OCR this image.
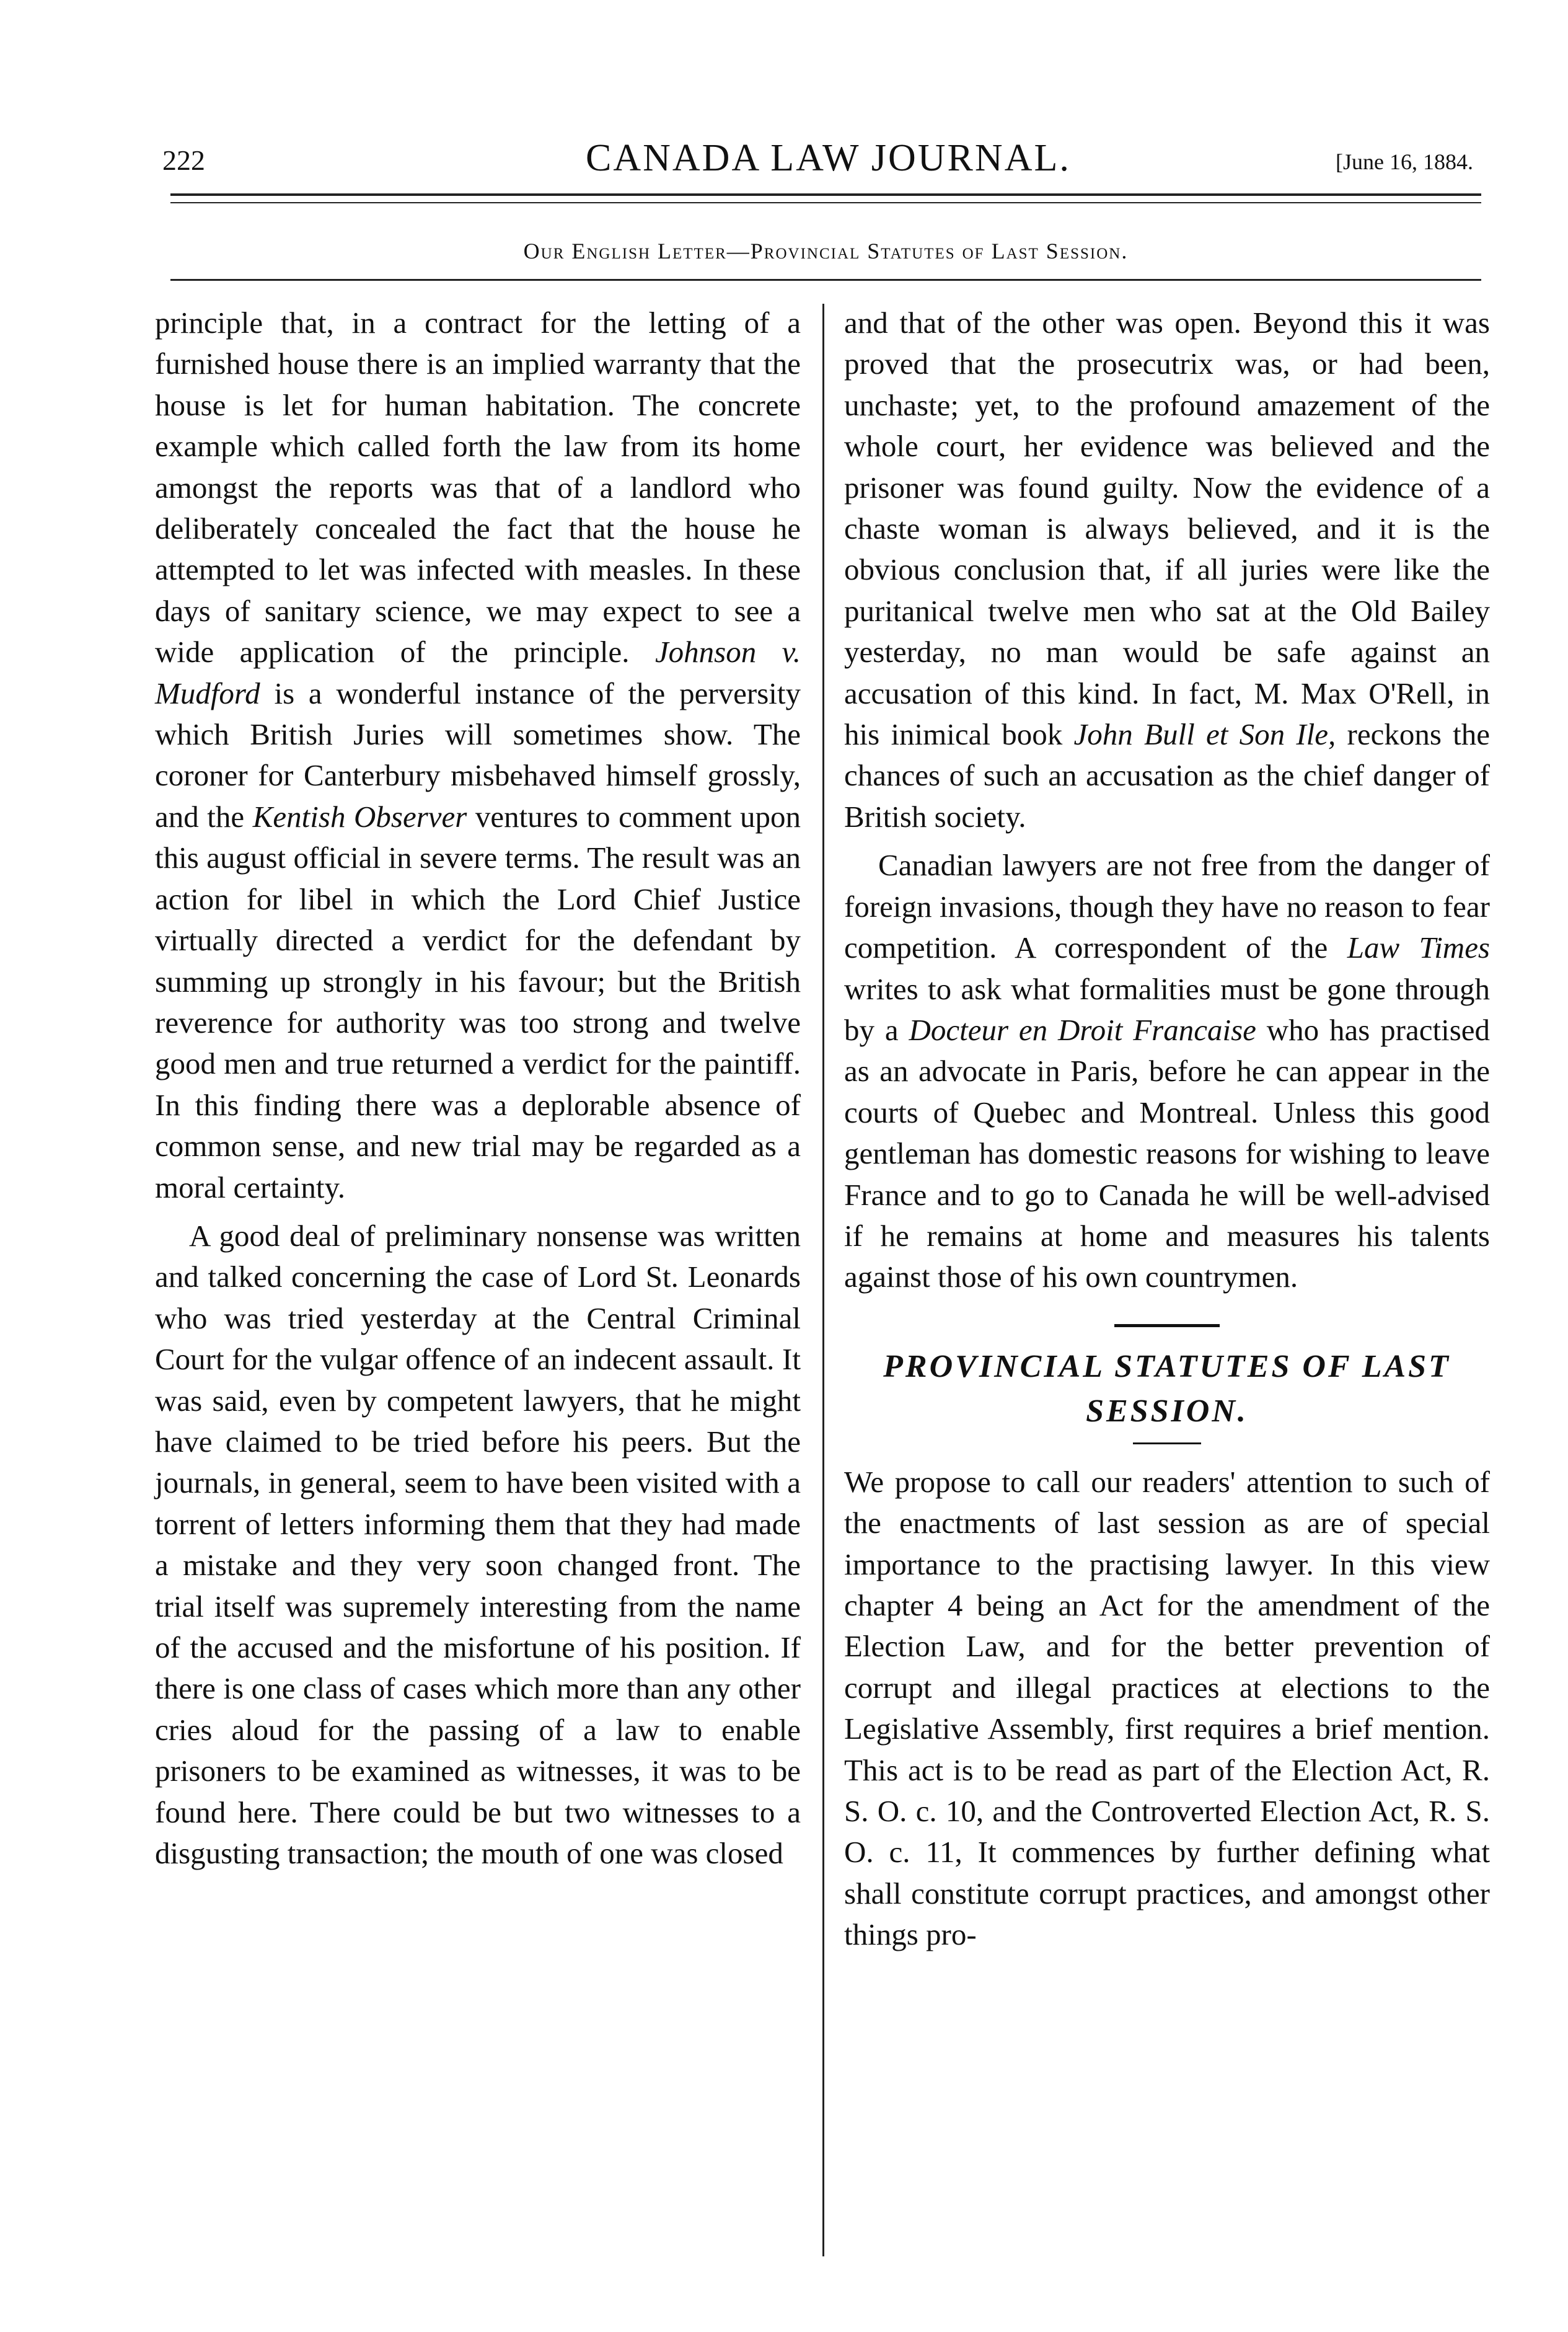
222	CANADA LAW JOURNAL.	[June 16, 1884.
Our English Letter—Provincial Statutes of Last Session.

principle that, in a contract for the letting of a furnished house there is an implied warranty that the house is let for human habitation. The concrete example which called forth the law from its home amongst the reports was that of a landlord who deliberately concealed the fact that the house he attempted to let was infected with measles. In these days of sanitary science, we may expect to see a wide application of the principle. Johnson v. Mudford is a wonderful instance of the perversity which British Juries will sometimes show. The coroner for Canterbury misbehaved himself grossly, and the Kentish Observer ventures to comment upon this august official in severe terms. The result was an action for libel in which the Lord Chief Justice virtually directed a verdict for the defendant by summing up strongly in his favour; but the British reverence for authority was too strong and twelve good men and true returned a verdict for the paintiff. In this finding there was a deplorable absence of common sense, and new trial may be regarded as a moral certainty.

A good deal of preliminary nonsense was written and talked concerning the case of Lord St. Leonards who was tried yesterday at the Central Criminal Court for the vulgar offence of an indecent assault. It was said, even by competent lawyers, that he might have claimed to be tried before his peers. But the journals, in general, seem to have been visited with a torrent of letters informing them that they had made a mistake and they very soon changed front. The trial itself was supremely interesting from the name of the accused and the misfortune of his position. If there is one class of cases which more than any other cries aloud for the passing of a law to enable prisoners to be examined as witnesses, it was to be found here. There could be but two witnesses to a disgusting transaction; the mouth of one was closed

and that of the other was open. Beyond this it was proved that the prosecutrix was, or had been, unchaste; yet, to the profound amazement of the whole court, her evidence was believed and the prisoner was found guilty. Now the evidence of a chaste woman is always believed, and it is the obvious conclusion that, if all juries were like the puritanical twelve men who sat at the Old Bailey yesterday, no man would be safe against an accusation of this kind. In fact, M. Max O'Rell, in his inimical book John Bull et Son Ile, reckons the chances of such an accusation as the chief danger of British society.

Canadian lawyers are not free from the danger of foreign invasions, though they have no reason to fear competition. A correspondent of the Law Times writes to ask what formalities must be gone through by a Docteur en Droit Francaise who has practised as an advocate in Paris, before he can appear in the courts of Quebec and Montreal. Unless this good gentleman has domestic reasons for wishing to leave France and to go to Canada he will be well-advised if he remains at home and measures his talents against those of his own countrymen.

PROVINCIAL STATUTES OF LAST
SESSION.

We propose to call our readers' attention to such of the enactments of last session as are of special importance to the practising lawyer. In this view chapter 4 being an Act for the amendment of the Election Law, and for the better prevention of corrupt and illegal practices at elections to the Legislative Assembly, first requires a brief mention. This act is to be read as part of the Election Act, R. S. O. c. 10, and the Controverted Election Act, R. S. O. c. 11, It commences by further defining what shall constitute corrupt practices, and amongst other things pro-
